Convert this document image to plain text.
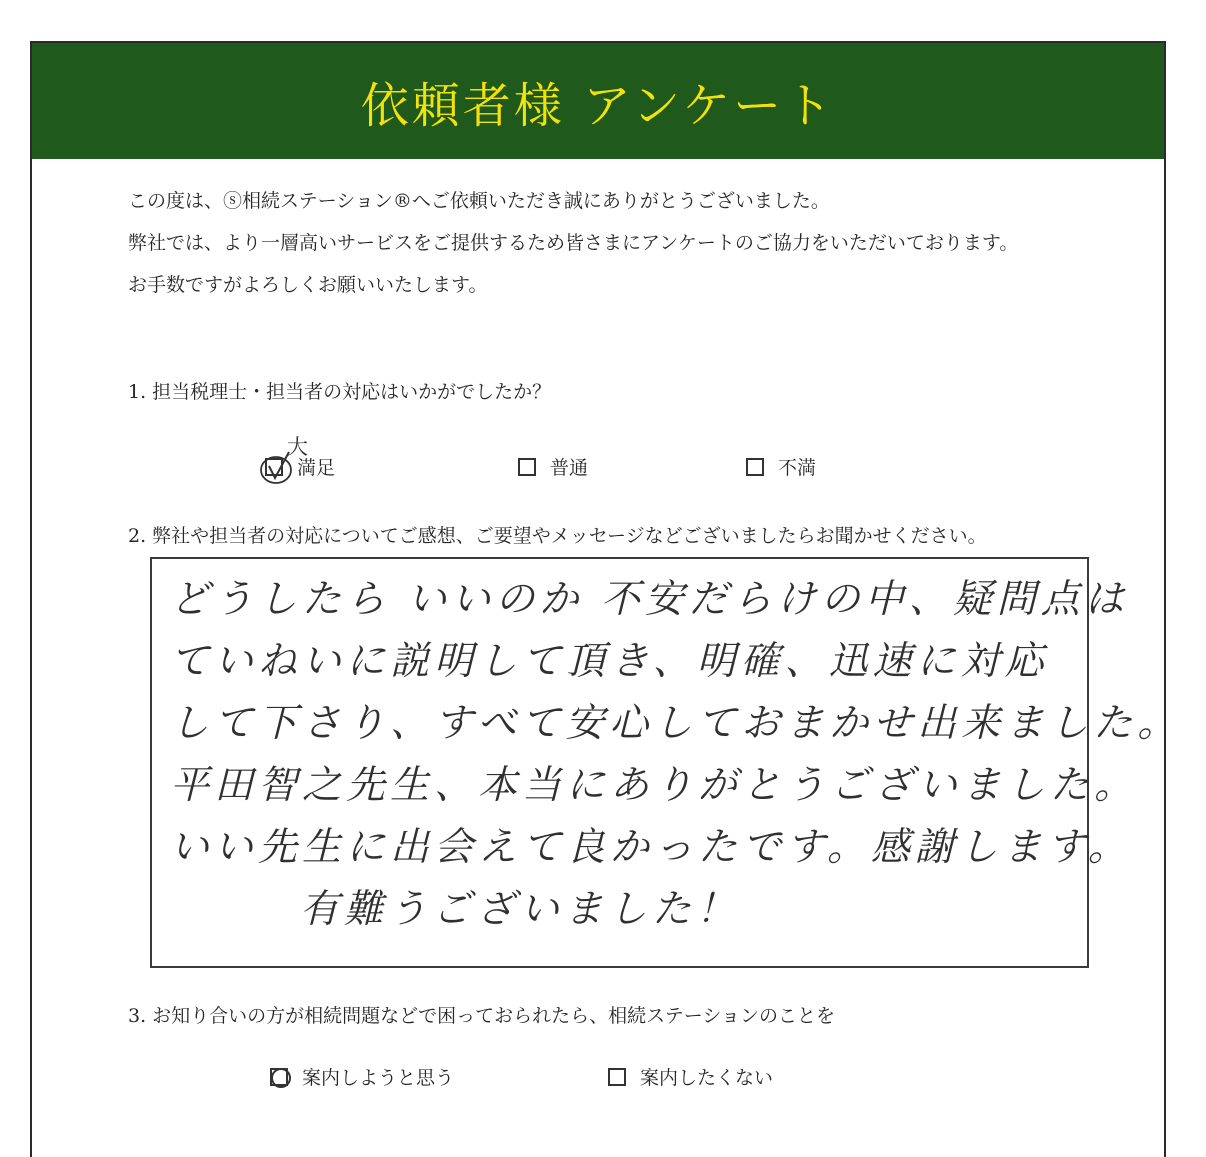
依頼者様 アンケート

この度は、ⓢ相続ステーション®へご依頼いただき誠にありがとうございました。

弊社では、より一層高いサービスをご提供するため皆さまにアンケートのご協力をいただいております。

お手数ですがよろしくお願いいたします。

1. 担当税理士・担当者の対応はいかがでしたか？
大
満足	普通	不満
2. 弊社や担当者の対応についてご感想、ご要望やメッセージなどございましたらお聞かせください。
どうしたら いいのか 不安だらけの中、疑問点は
ていねいに説明して頂き、明確、迅速に対応
して下さり、すべて安心しておまかせ出来ました。
平田智之先生、本当にありがとうございました。
いい先生に出会えて良かったです。感謝します。
有難うございました！
3. お知り合いの方が相続問題などで困っておられたら、相続ステーションのことを
案内しようと思う	案内したくない
